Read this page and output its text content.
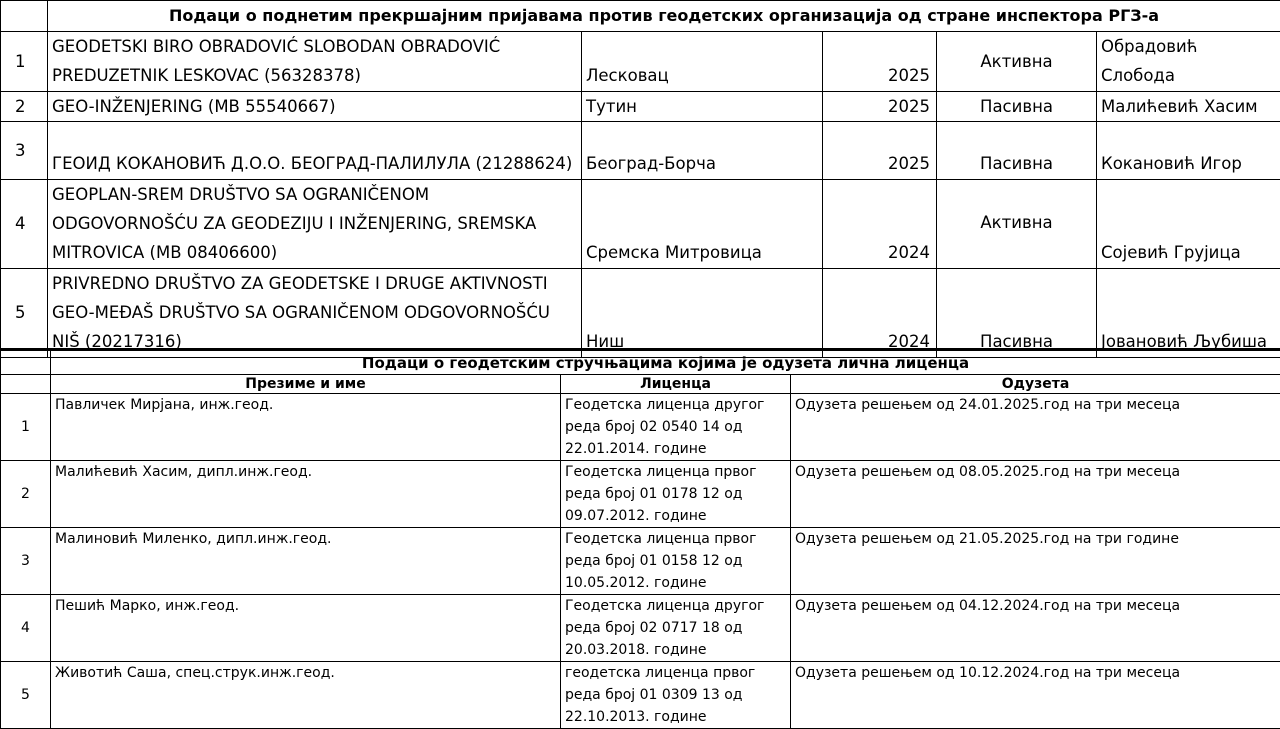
	Подаци о поднетим прекршајним пријавама против геодетских организација од стране инспектора РГЗ-а				
1	GEODETSKI BIRO OBRADOVIĆ SLOBODAN OBRADOVIĆ
PREDUZETNIK LESKOVAC (56328378)	Лесковац	2025	Активна	Обрадовић Слобода
2	GEO-INŽENJERING (МВ 55540667)	Тутин	2025	Пасивна	Малићевић Хасим
3	ГЕОИД КОКАНОВИЋ Д.О.О. БЕОГРАД-ПАЛИЛУЛА (21288624)	Београд-Борча	2025	Пасивна	Кокановић Игор
4	GEOPLAN-SREM DRUŠTVO SA OGRANIČENOM
ODGOVORNOŠĆU ZA GEODEZIJU I INŽENJERING, SREMSKA
MITROVICA (МВ 08406600)	Сремска Митровица	2024	Активна	Сојевић Грујица
5	PRIVREDNO DRUŠTVO ZA GEODETSKE I DRUGE AKTIVNOSTI
GEO-MEĐAŠ DRUŠTVO SA OGRANIČENOM ODGOVORNOŠĆU
NIŠ (20217316)	Ниш	2024	Пасивна	Јовановић Љубиша
	Подаци о геодетским стручњацима којима је одузета лична лиценца		
	Презиме и име	Лиценца	Одузета
1	Павличек Мирјана, инж.геод.	Геодетска лиценца другог
реда број 02 0540 14 од
22.01.2014. године	Одузета решењем од 24.01.2025.год на три месеца
2	Малићевић Хасим, дипл.инж.геод.	Геодетска лиценца првог
реда број 01 0178 12 од
09.07.2012. године	Одузета решењем од 08.05.2025.год на три месеца
3	Малиновић Миленко, дипл.инж.геод.	Геодетска лиценца првог
реда број 01 0158 12 од
10.05.2012. године	Одузета решењем од 21.05.2025.год на три године
4	Пешић Марко, инж.геод.	Геодетска лиценца другог
реда број 02 0717 18 од
20.03.2018. године	Одузета решењем од 04.12.2024.год на три месеца
5	Животић Саша, спец.струк.инж.геод.	геодетска лиценца првог
реда број 01 0309 13 од
22.10.2013. године	Одузета решењем од 10.12.2024.год на три месеца
